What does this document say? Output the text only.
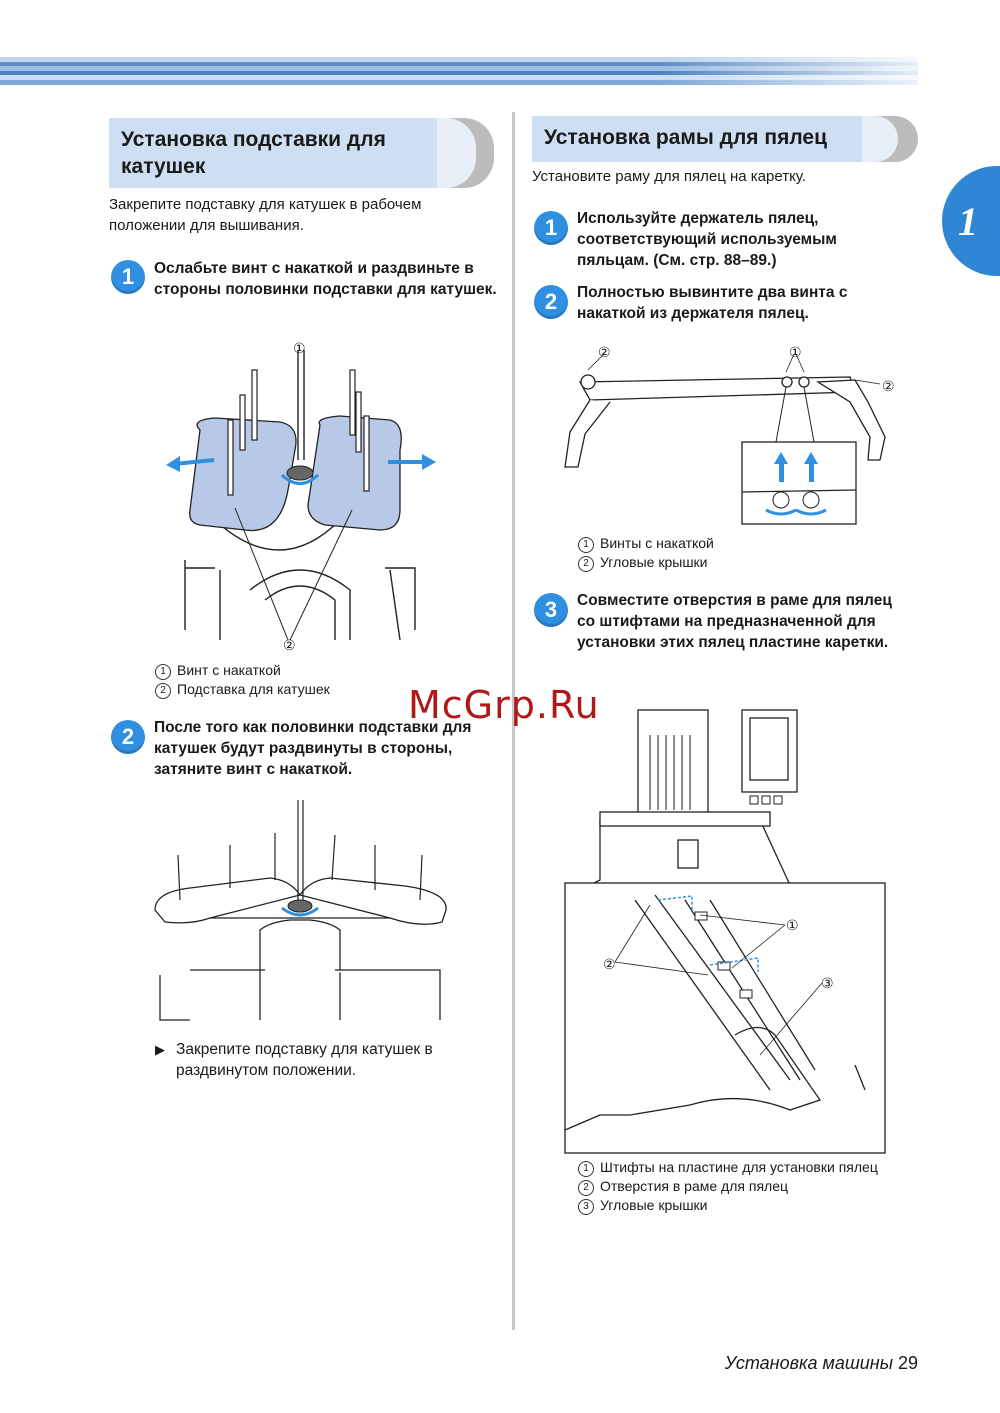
1
Установка подставки для катушек
Закрепите подставку для катушек в рабочем положении для вышивания.
1	Ослабьте винт с накаткой и раздвиньте в стороны половинки подставки для катушек.
①
②
1 Винт с накаткой
2 Подставка для катушек
2	После того как половинки подставки для катушек будут раздвинуты в стороны, затяните винт с накаткой.
▶ Закрепите подставку для катушек в раздвинутом положении.
Установка рамы для пялец
Установите раму для пялец на каретку.
1	Используйте держатель пялец, соответствующий используемым пяльцам. (См. стр. 88–89.)
2	Полностью вывинтите два винта с накаткой из держателя пялец.
②	①
②
1 Винты с накаткой
2 Угловые крышки
3	Совместите отверстия в раме для пялец со штифтами на предназначенной для установки этих пялец пластине каретки.
①
②
③
1 Штифты на пластине для установки пялец
2 Отверстия в раме для пялец
3 Угловые крышки
McGrp.Ru
Установка машины 29
